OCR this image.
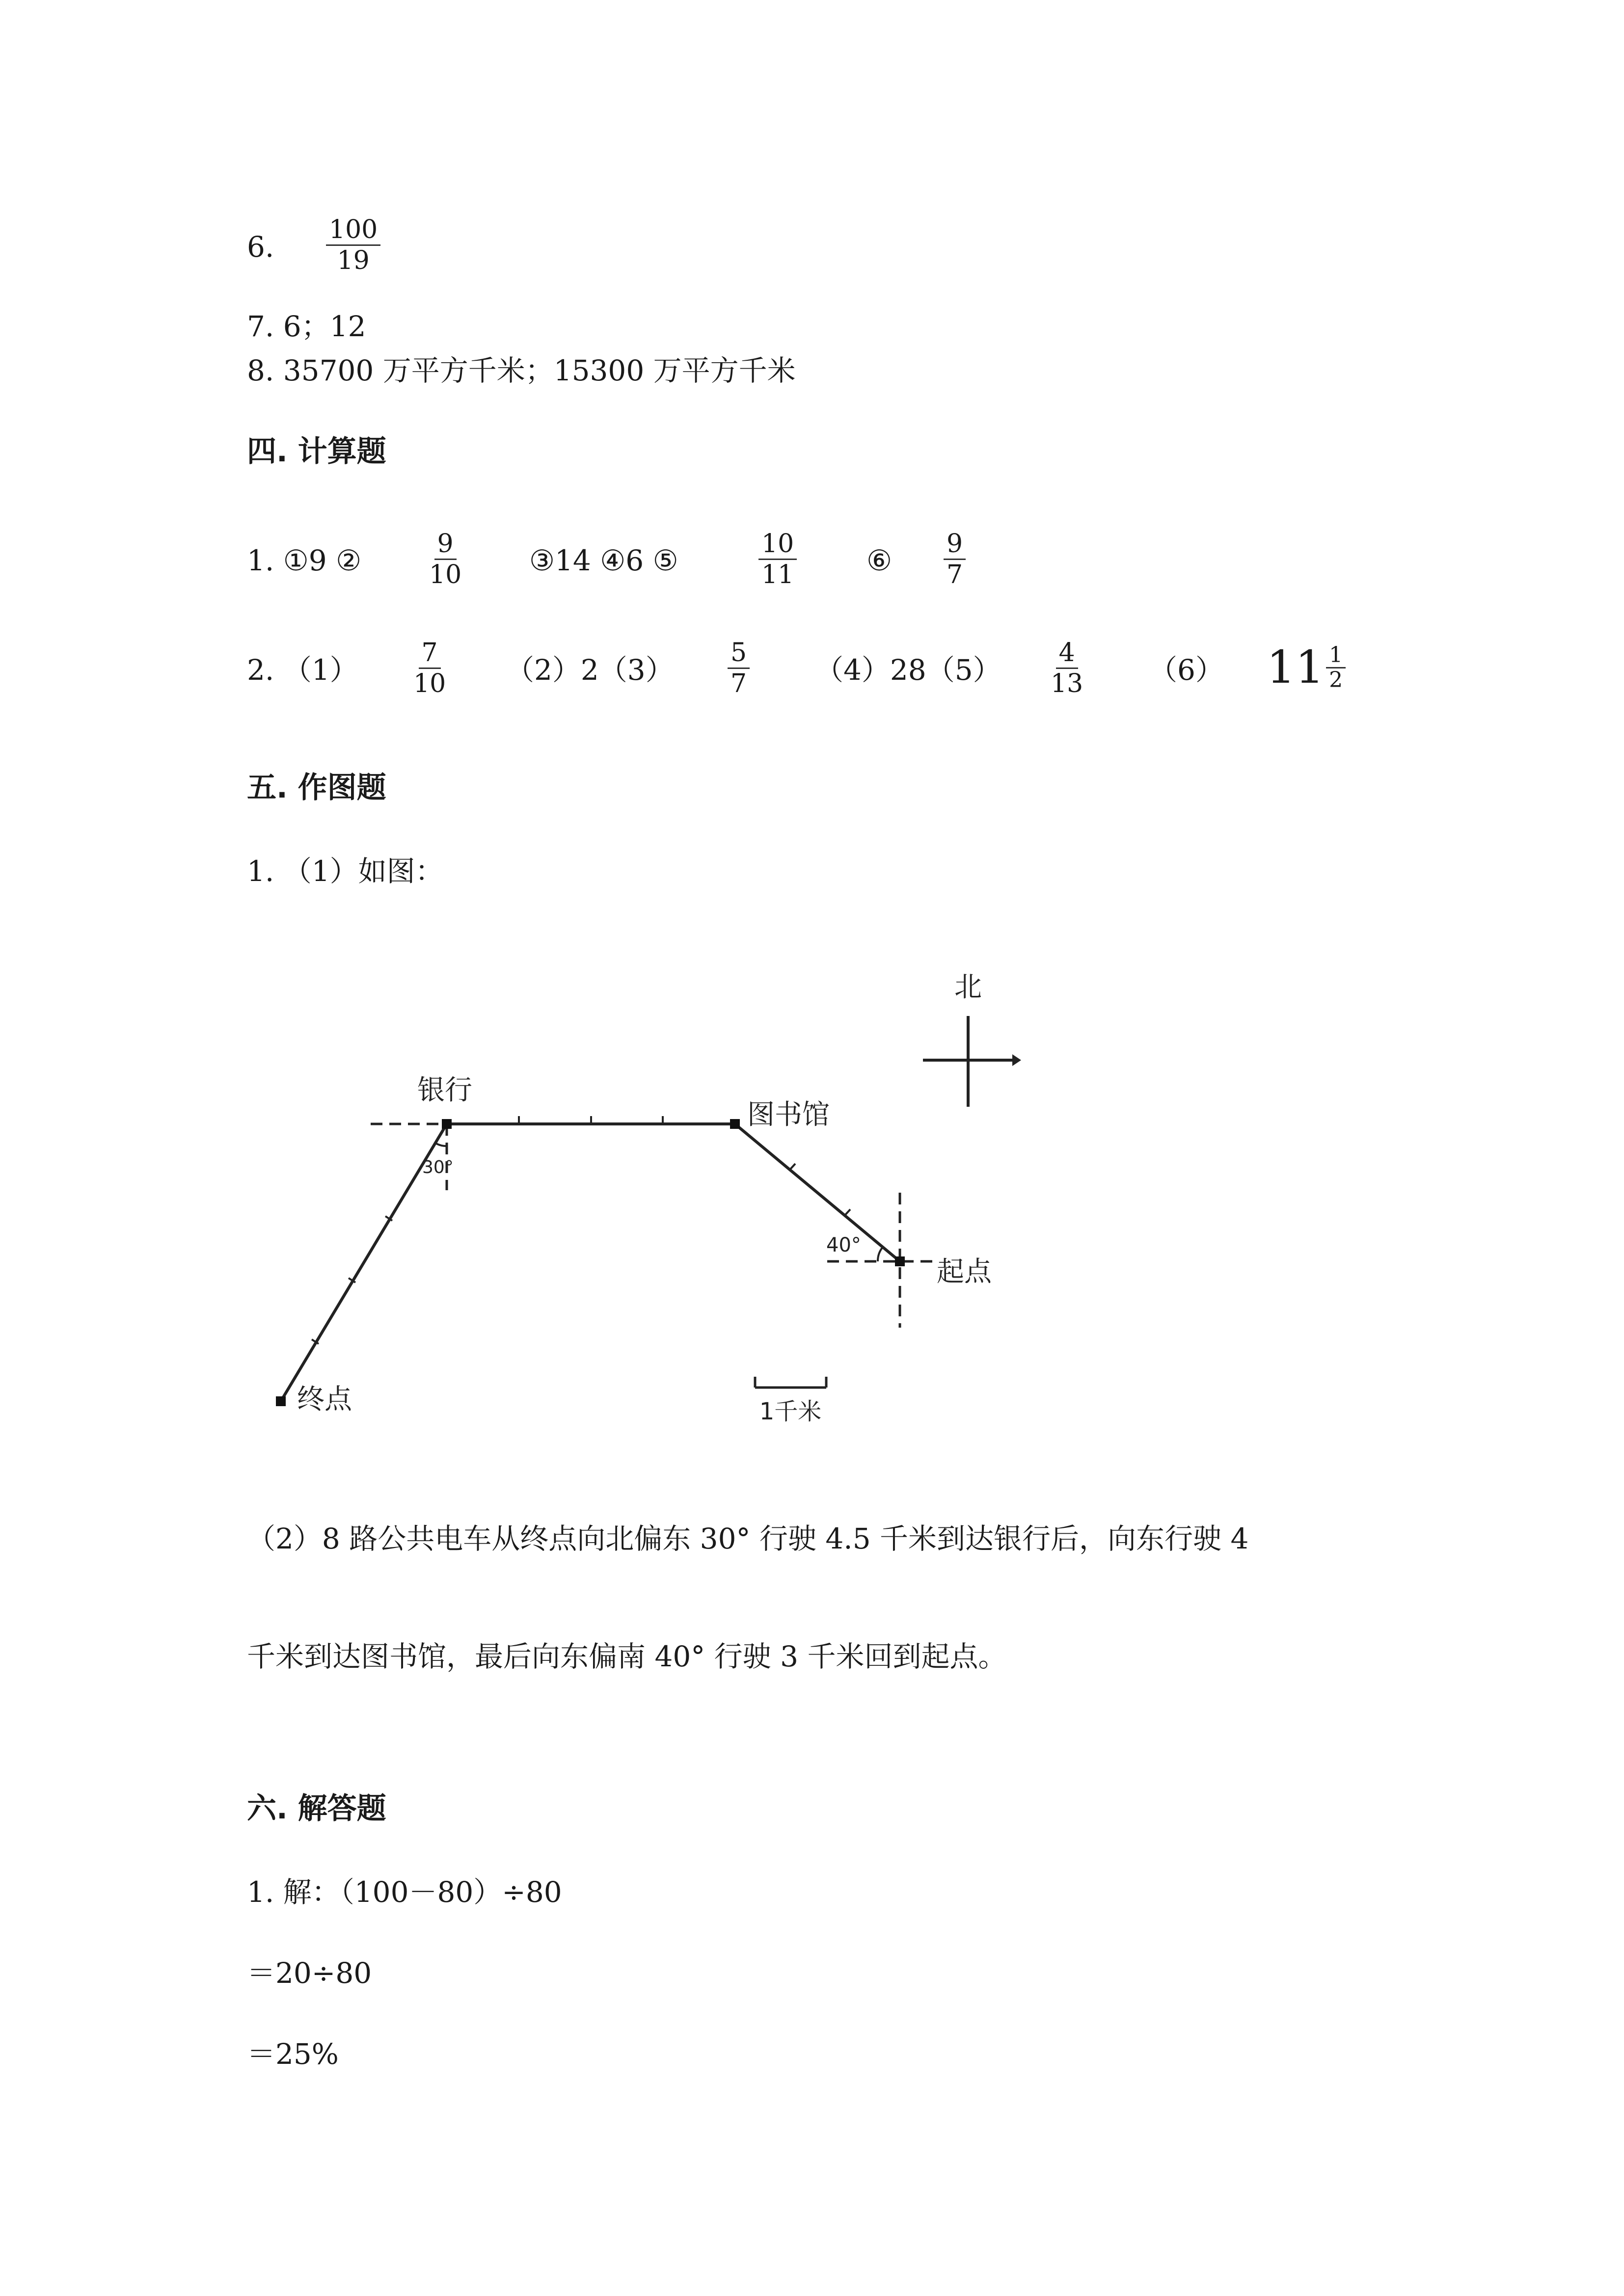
6. $\frac{100}{19}$
7. 6；12
8. 35700 万平方千米；15300 万平方千米
四. 计算题
1. ①9 ②	$\frac{9}{10}$ ③14 ④6 ⑤	$\frac{10}{11}$ ⑥ $\frac{9}{7}$
2. $(1) \frac{7}{10} (2)2(3) \frac{5}{7} (4)28(5) \frac{4}{13} (6)$ $11 \frac{1}{2}$
五. 作图题
1. （1）如图：
北
银行
图书馆
起点
终点
30°
40°
1千米
（2）8 路公共电车从终点向北偏东 30° 行驶 4.5 千米到达银行后，向东行驶 4
千米到达图书馆，最后向东偏南 40° 行驶 3 千米回到起点。
六. 解答题
1. 解：（100－80）÷80
＝20÷80
＝25%
